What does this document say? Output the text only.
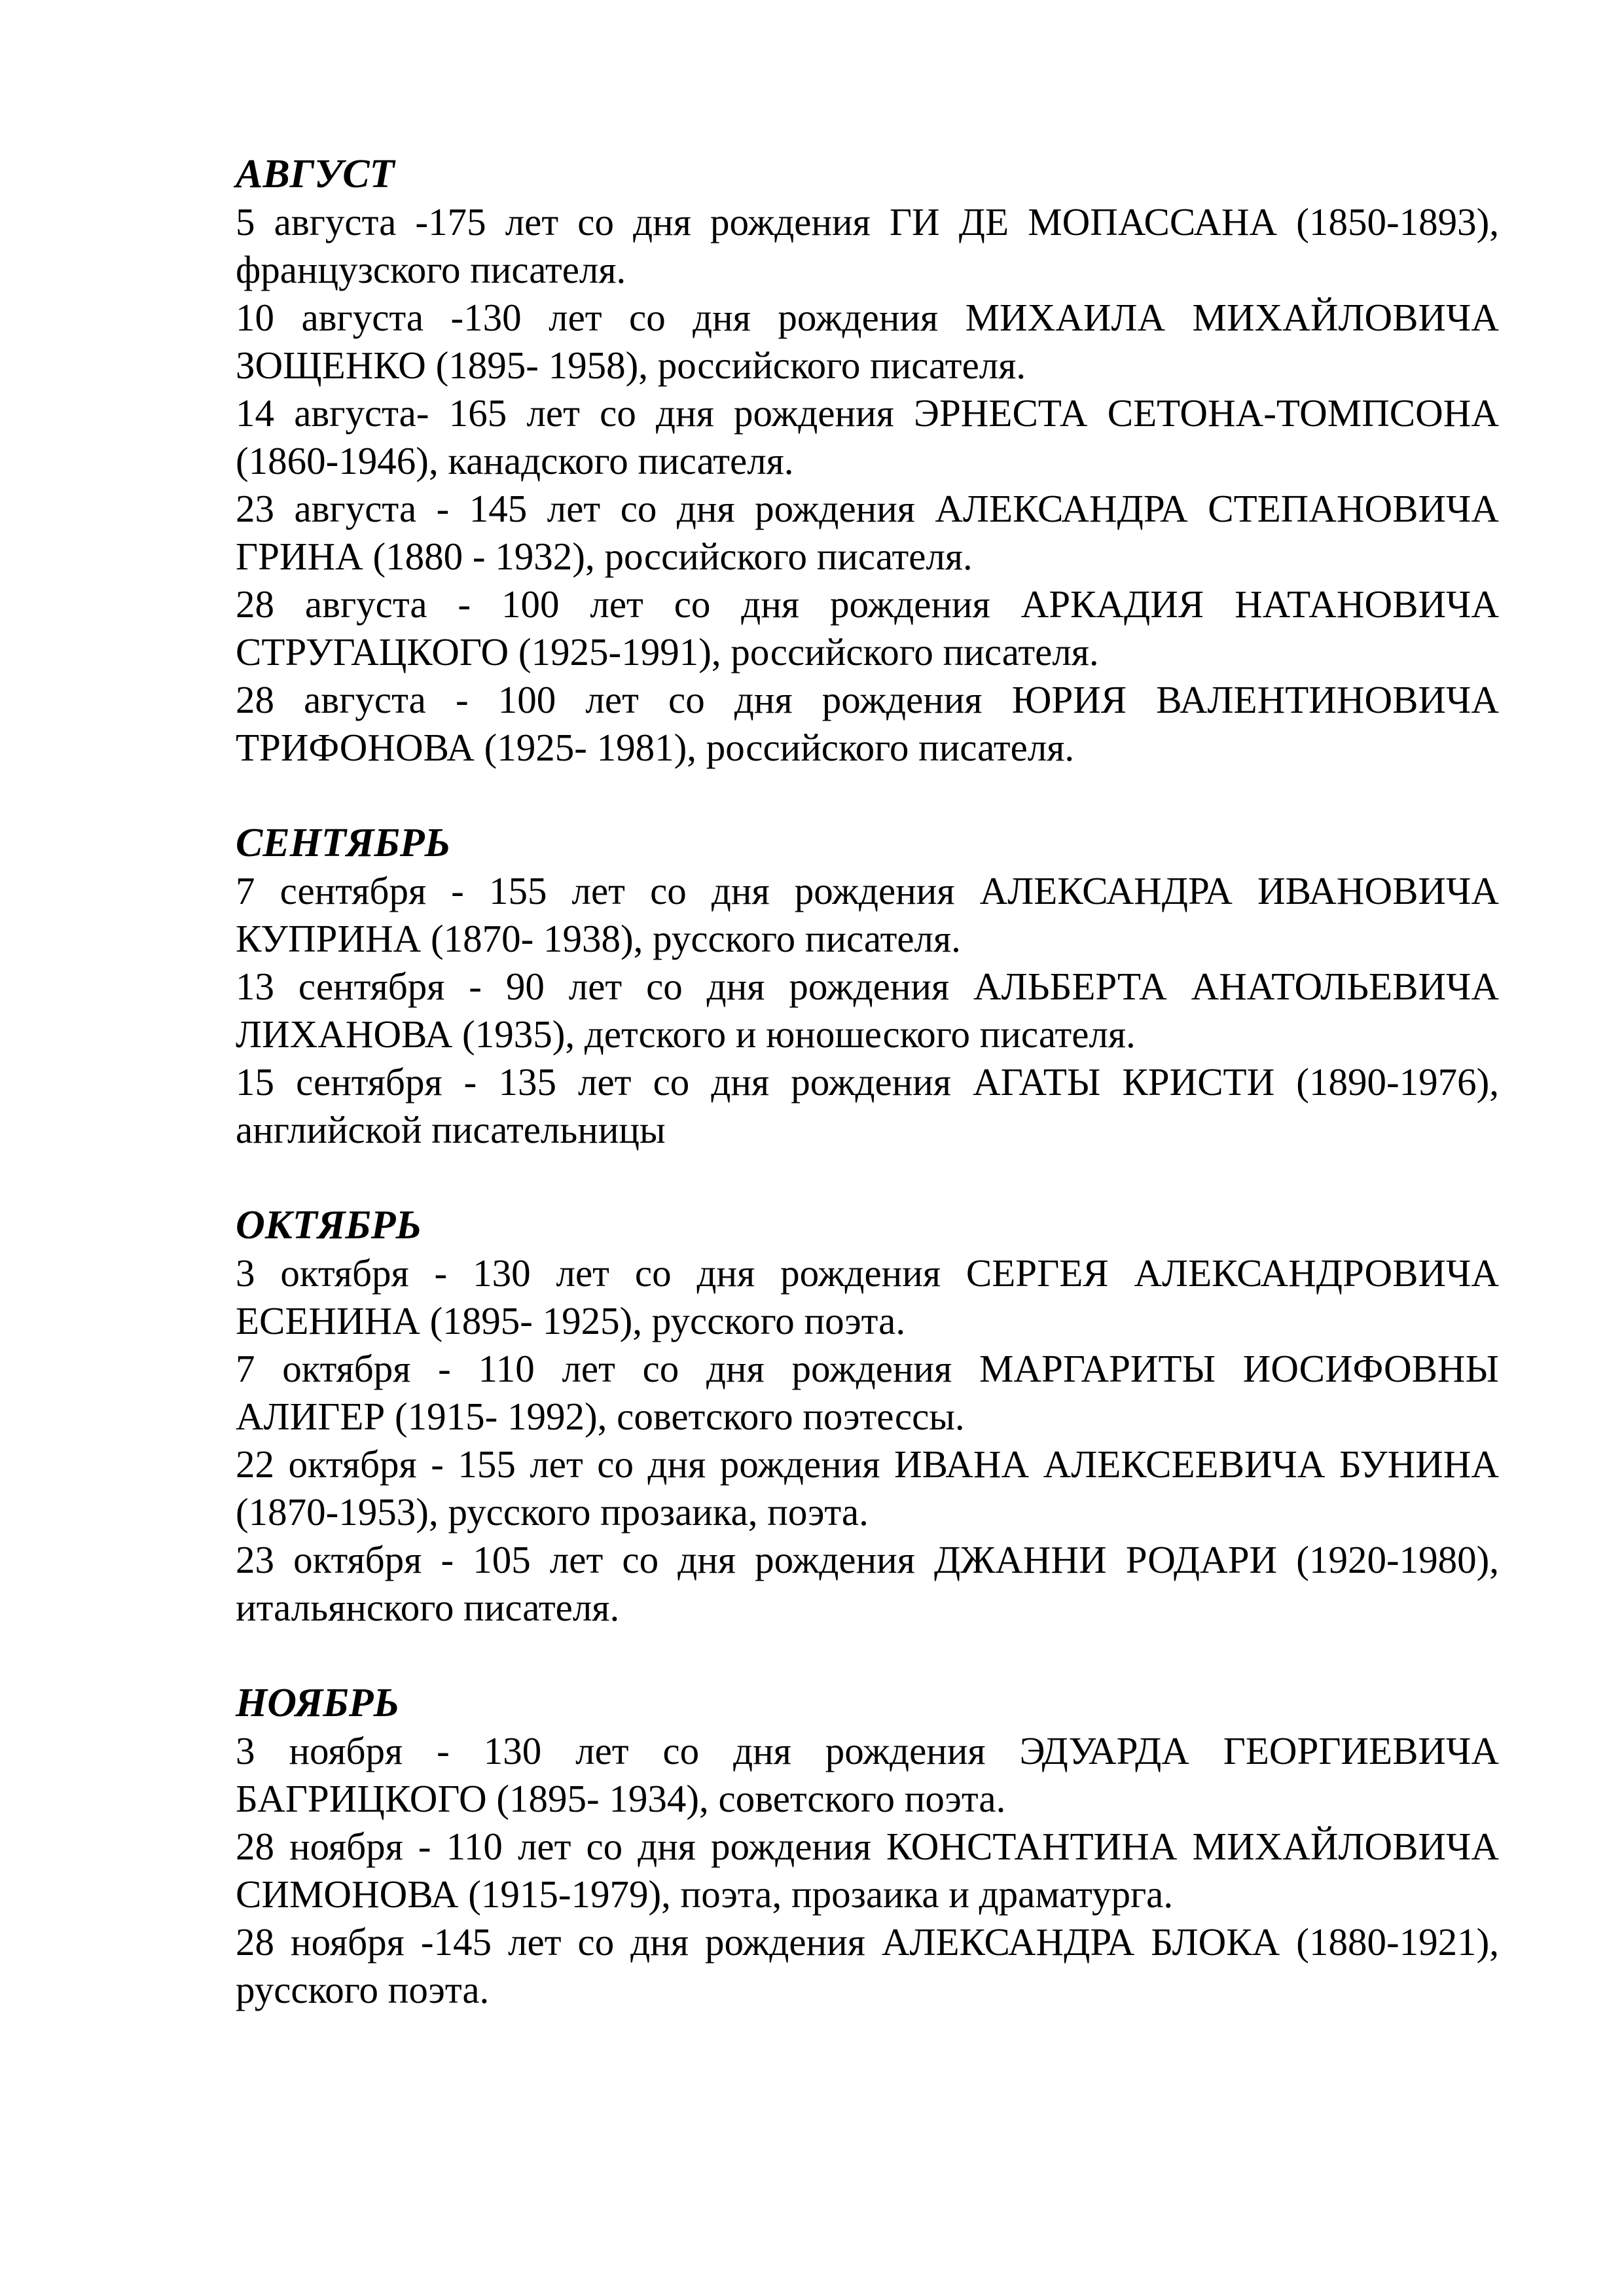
АВГУСТ

5 августа -175 лет со дня рождения ГИ ДЕ МОПАССАНА (1850-1893), французского писателя.

10 августа -130 лет со дня рождения МИХАИЛА МИХАЙЛОВИЧА ЗОЩЕНКО (1895- 1958), российского писателя.

14 августа- 165 лет со дня рождения ЭРНЕСТА СЕТОНА-ТОМПСОНА (1860-1946), канадского писателя.

23 августа - 145 лет со дня рождения АЛЕКСАНДРА СТЕПАНОВИЧА ГРИНА (1880 - 1932), российского писателя.

28 августа - 100 лет со дня рождения АРКАДИЯ НАТАНОВИЧА СТРУГАЦКОГО (1925-1991), российского писателя.

28 августа - 100 лет со дня рождения ЮРИЯ ВАЛЕНТИНОВИЧА ТРИФОНОВА (1925- 1981), российского писателя.

СЕНТЯБРЬ

7 сентября - 155 лет со дня рождения АЛЕКСАНДРА ИВАНОВИЧА КУПРИНА (1870- 1938), русского писателя.

13 сентября - 90 лет со дня рождения АЛЬБЕРТА АНАТОЛЬЕВИЧА ЛИХАНОВА (1935), детского и юношеского писателя.

15 сентября - 135 лет со дня рождения АГАТЫ КРИСТИ (1890-1976), английской писательницы

ОКТЯБРЬ

3 октября - 130 лет со дня рождения СЕРГЕЯ АЛЕКСАНДРОВИЧА ЕСЕНИНА (1895- 1925), русского поэта.

7 октября - 110 лет со дня рождения МАРГАРИТЫ ИОСИФОВНЫ АЛИГЕР (1915- 1992), советского поэтессы.

22 октября - 155 лет со дня рождения ИВАНА АЛЕКСЕЕВИЧА БУНИНА (1870-1953), русского прозаика, поэта.

23 октября - 105 лет со дня рождения ДЖАННИ РОДАРИ (1920-1980), итальянского писателя.

НОЯБРЬ

3 ноября - 130 лет со дня рождения ЭДУАРДА ГЕОРГИЕВИЧА БАГРИЦКОГО (1895- 1934), советского поэта.

28 ноября - 110 лет со дня рождения КОНСТАНТИНА МИХАЙЛОВИЧА СИМОНОВА (1915-1979), поэта, прозаика и драматурга.

28 ноября -145 лет со дня рождения АЛЕКСАНДРА БЛОКА (1880-1921), русского поэта.
